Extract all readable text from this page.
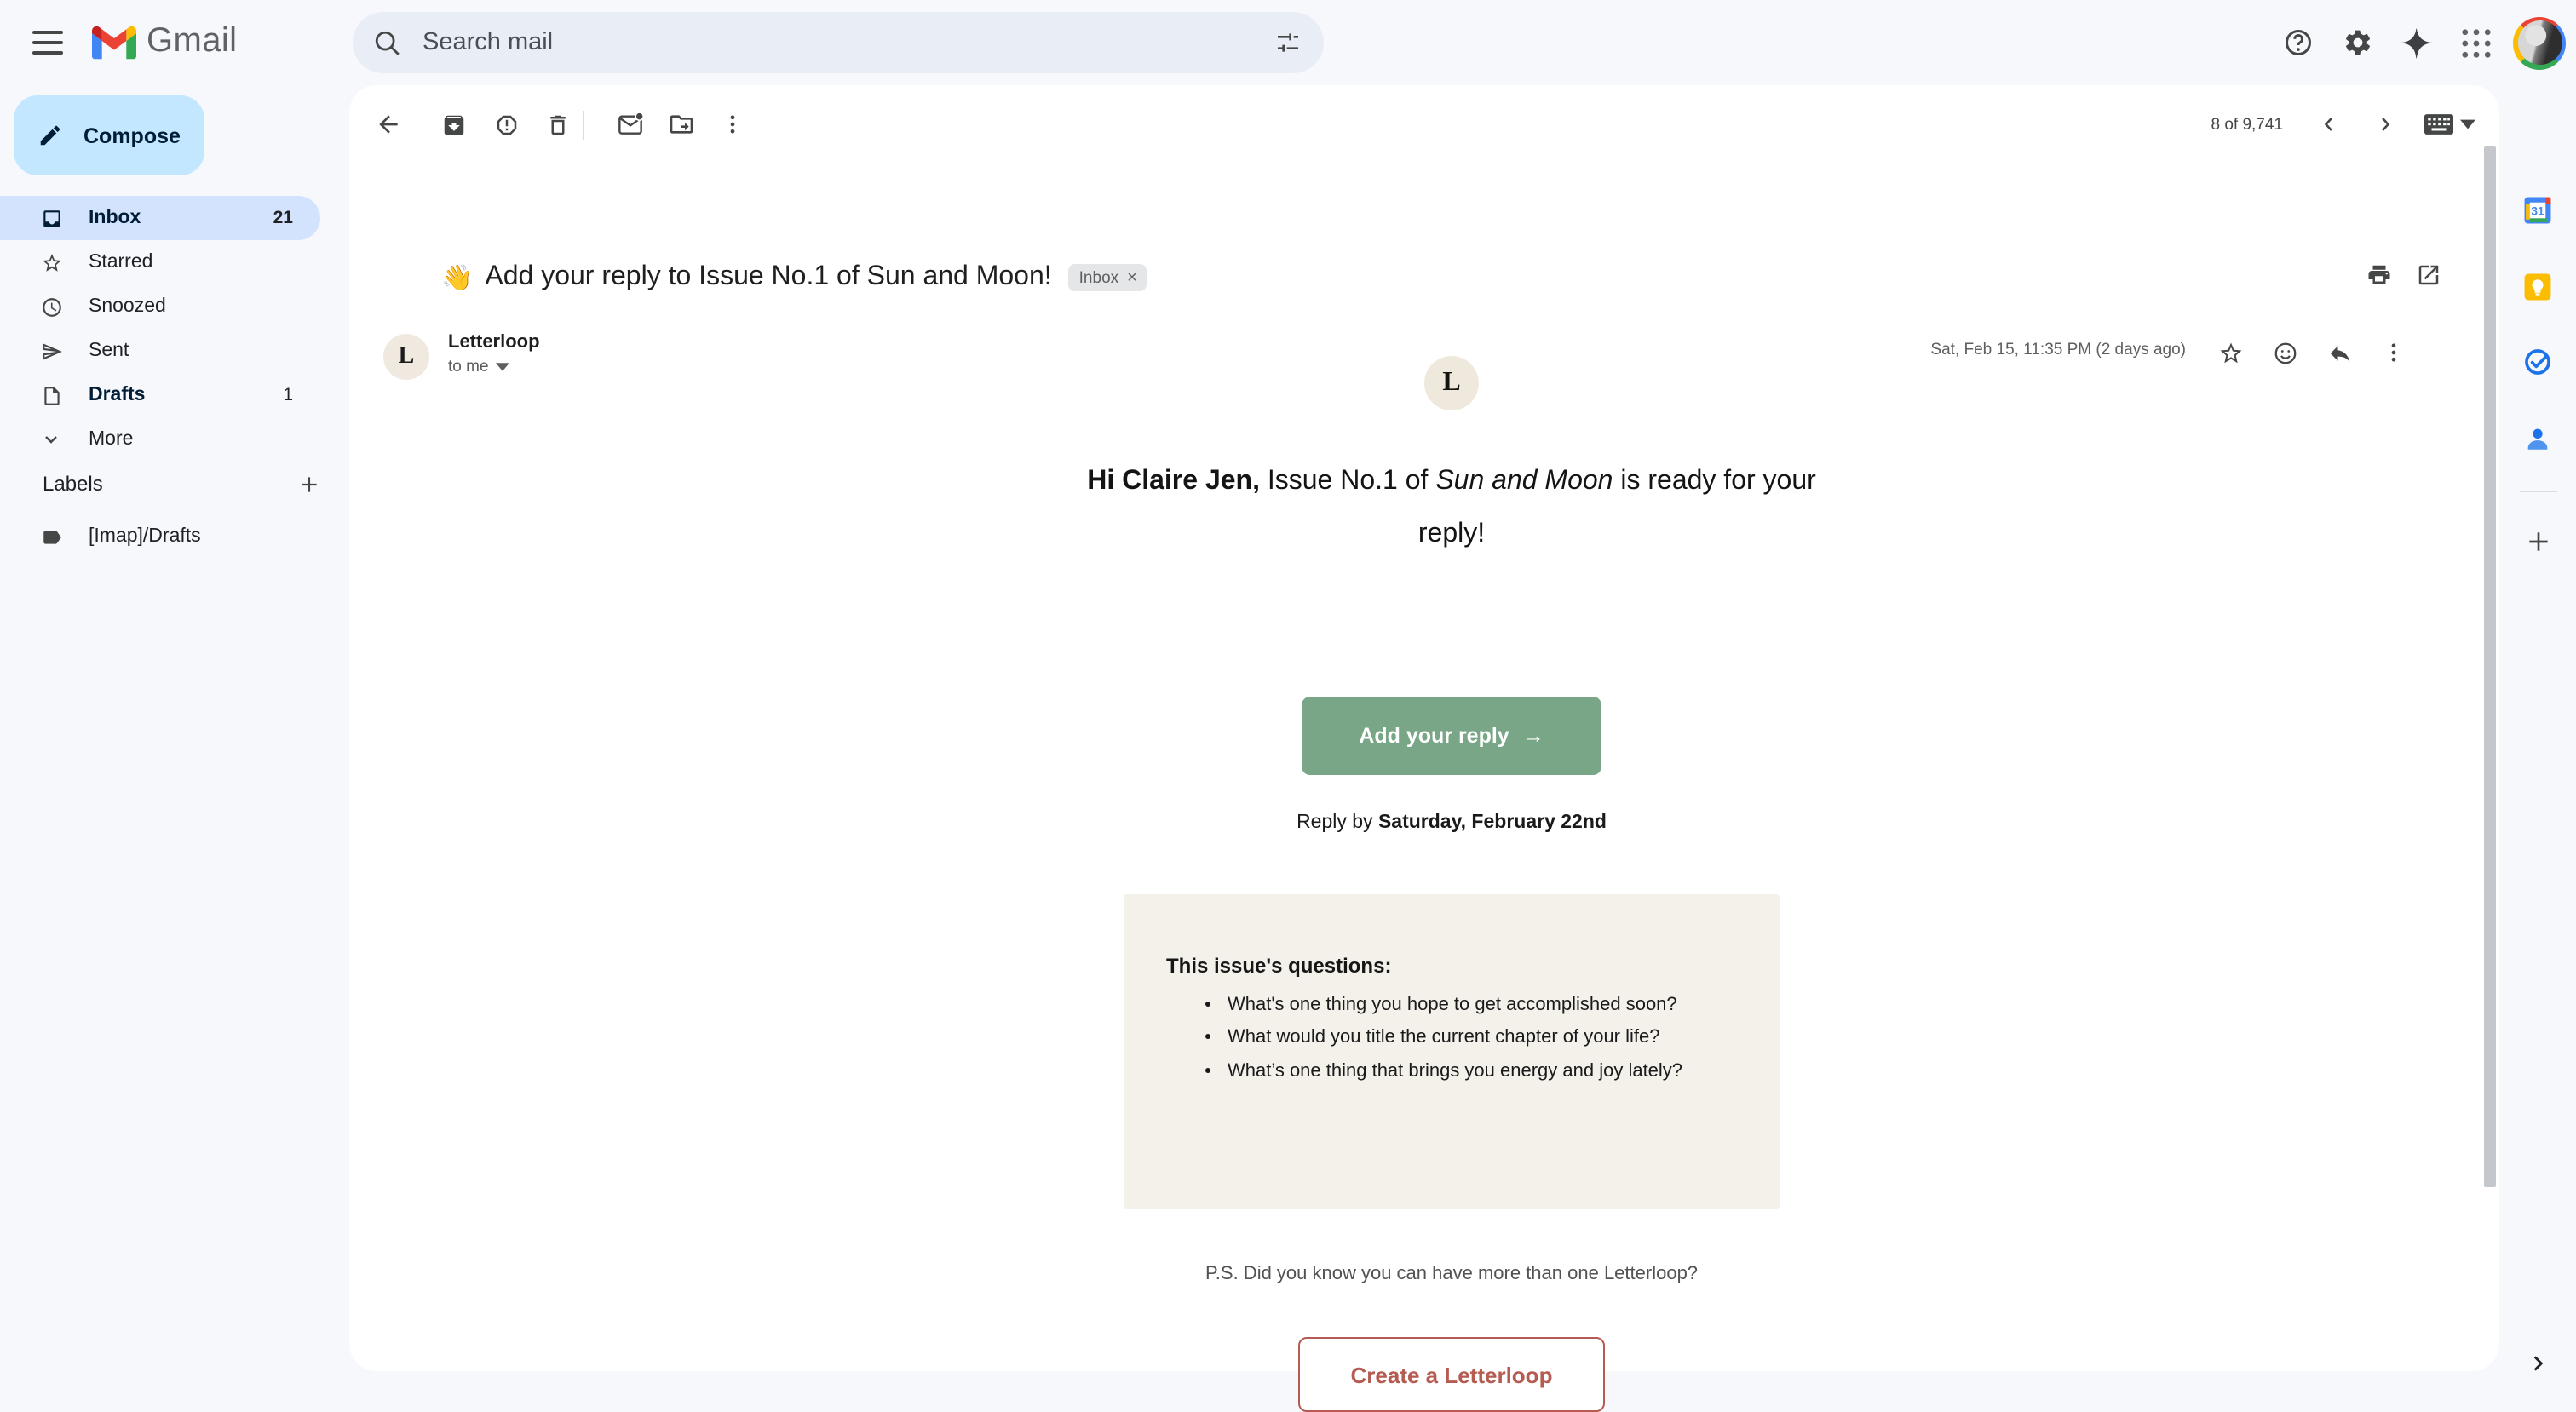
Gmail	Search mail
Compose
Inbox	21
Starred
Snoozed
Sent
Drafts	1
More
Labels
[Imap]/Drafts
8 of 9,741
👋 Add your reply to Issue No.1 of Sun and Moon!	Inbox ×
L
Letterloop
to me
Sat, Feb 15, 11:35 PM (2 days ago)
L
Hi Claire Jen, Issue No.1 of Sun and Moon is ready for your reply!
Add your reply →
Reply by Saturday, February 22nd
This issue's questions:
• What's one thing you hope to get accomplished soon?
• What would you title the current chapter of your life?
• What’s one thing that brings you energy and joy lately?
P.S. Did you know you can have more than one Letterloop?
Create a Letterloop
31
